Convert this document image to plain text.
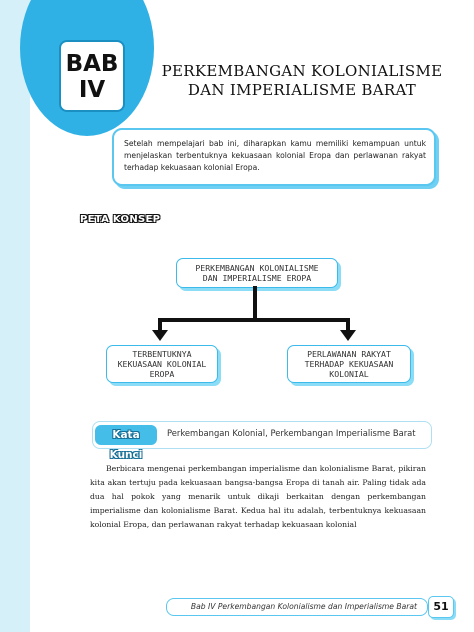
BAB
IV
PERKEMBANGAN KOLONIALISME
DAN IMPERIALISME BARAT
Setelah mempelajari bab ini, diharapkan kamu memiliki kemampuan untuk menjelaskan terbentuknya kekuasaan kolonial Eropa dan perlawanan rakyat terhadap kekuasaan kolonial Eropa.
PETA KONSEP
PERKEMBANGAN KOLONIALISME
DAN IMPERIALISME EROPA
TERBENTUKNYA
KEKUASAAN KOLONIAL
EROPA
PERLAWANAN RAKYAT
TERHADAP KEKUASAAN
KOLONIAL
Kata Kunci
Perkembangan Kolonial, Perkembangan Imperialisme Barat
Berbicara mengenai perkembangan imperialisme dan kolonialisme Barat, pikiran kita akan tertuju pada kekuasaan bangsa-bangsa Eropa di tanah air. Paling tidak ada dua hal pokok yang menarik untuk dikaji berkaitan dengan perkembangan imperialisme dan kolonialisme Barat. Kedua hal itu adalah, terbentuknya kekuasaan kolonial Eropa, dan perlawanan rakyat terhadap kekuasaan kolonial
Bab IV Perkembangan Kolonialisme dan Imperialisme Barat	51
